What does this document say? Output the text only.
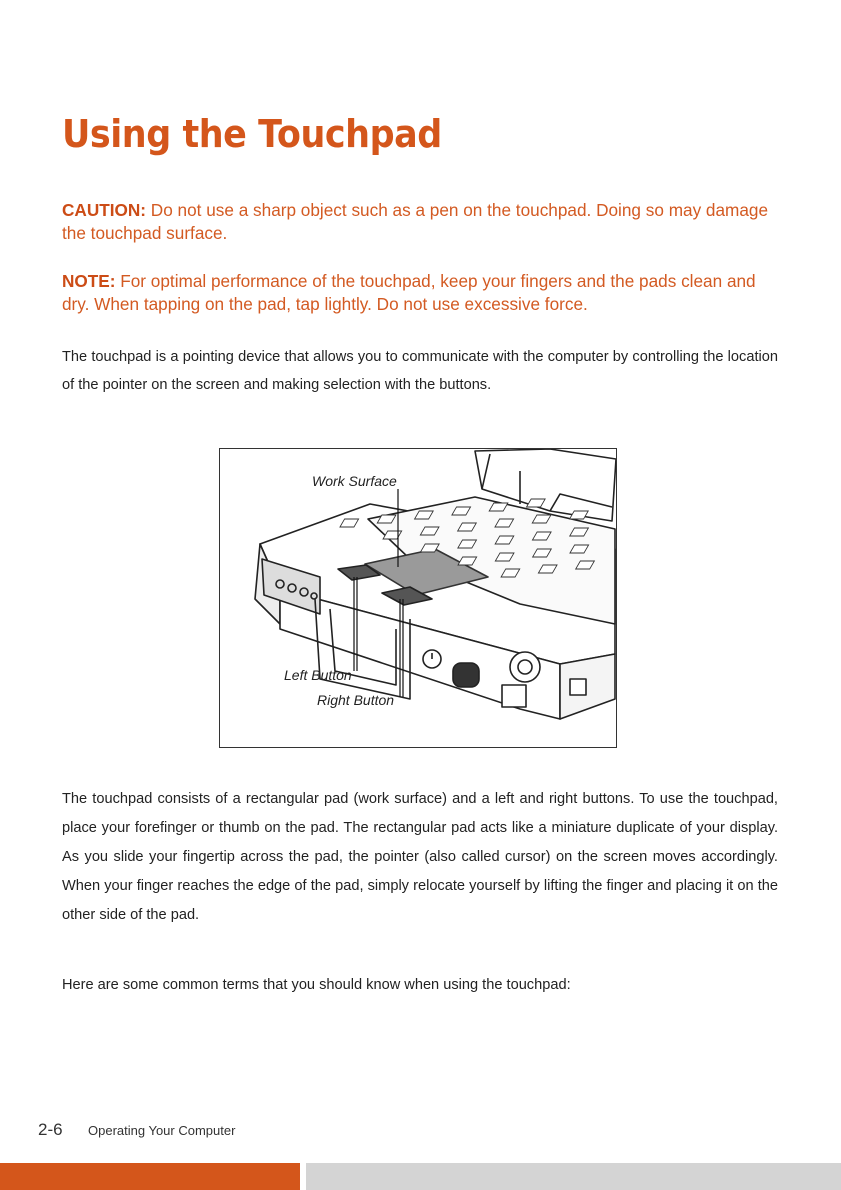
Using the Touchpad

CAUTION: Do not use a sharp object such as a pen on the touchpad. Doing so may damage the touchpad surface.

NOTE: For optimal performance of the touchpad, keep your fingers and the pads clean and dry. When tapping on the pad, tap lightly. Do not use excessive force.

The touchpad is a pointing device that allows you to communicate with the computer by controlling the location of the pointer on the screen and making selection with the buttons.

Work Surface
Left Button
Right Button

The touchpad consists of a rectangular pad (work surface) and a left and right buttons. To use the touchpad, place your forefinger or thumb on the pad. The rectangular pad acts like a miniature duplicate of your display. As you slide your fingertip across the pad, the pointer (also called cursor) on the screen moves accordingly. When your finger reaches the edge of the pad, simply relocate yourself by lifting the finger and placing it on the other side of the pad.

Here are some common terms that you should know when using the touchpad:

2-6 Operating Your Computer
